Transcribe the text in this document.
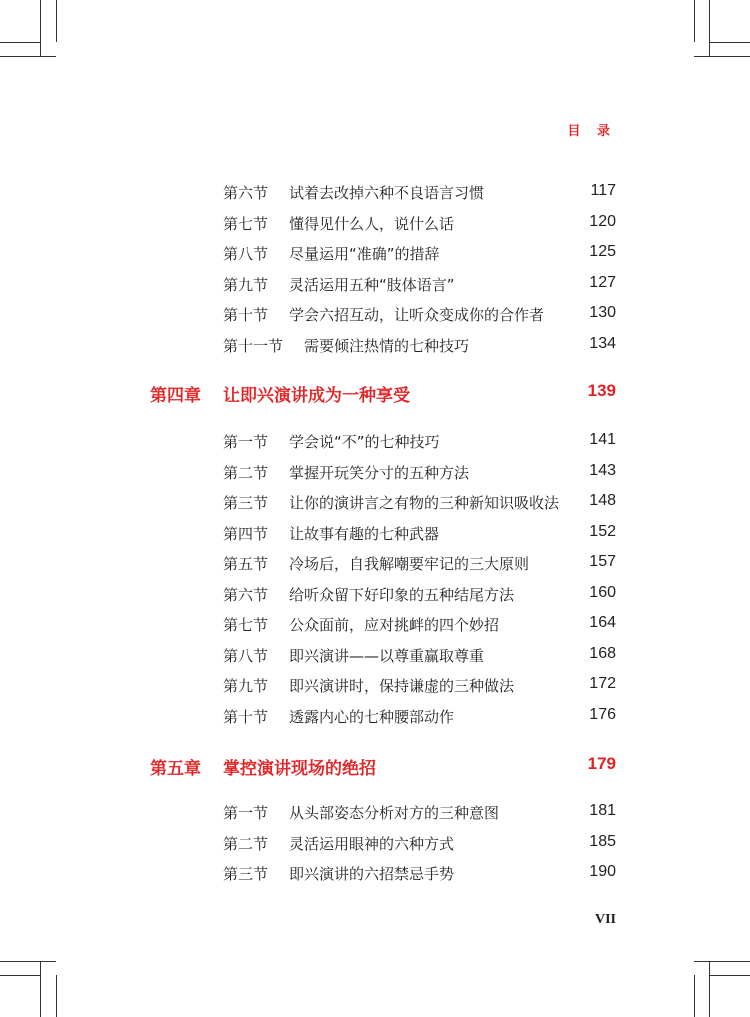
目 录
第六节 试着去改掉六种不良语言习惯	117
第七节 懂得见什么人，说什么话	120
第八节 尽量运用“准确”的措辞	125
第九节 灵活运用五种“肢体语言”	127
第十节 学会六招互动，让听众变成你的合作者	130
第十一节 需要倾注热情的七种技巧	134
第四章 让即兴演讲成为一种享受	139
第一节 学会说“不”的七种技巧	141
第二节 掌握开玩笑分寸的五种方法	143
第三节 让你的演讲言之有物的三种新知识吸收法 148
第四节 让故事有趣的七种武器	152
第五节 冷场后，自我解嘲要牢记的三大原则	157
第六节 给听众留下好印象的五种结尾方法	160
第七节 公众面前，应对挑衅的四个妙招	164
第八节 即兴演讲——以尊重赢取尊重	168
第九节 即兴演讲时，保持谦虚的三种做法	172
第十节 透露内心的七种腰部动作	176
第五章 掌控演讲现场的绝招	179
第一节 从头部姿态分析对方的三种意图	181
第二节 灵活运用眼神的六种方式	185
第三节 即兴演讲的六招禁忌手势	190
VII
